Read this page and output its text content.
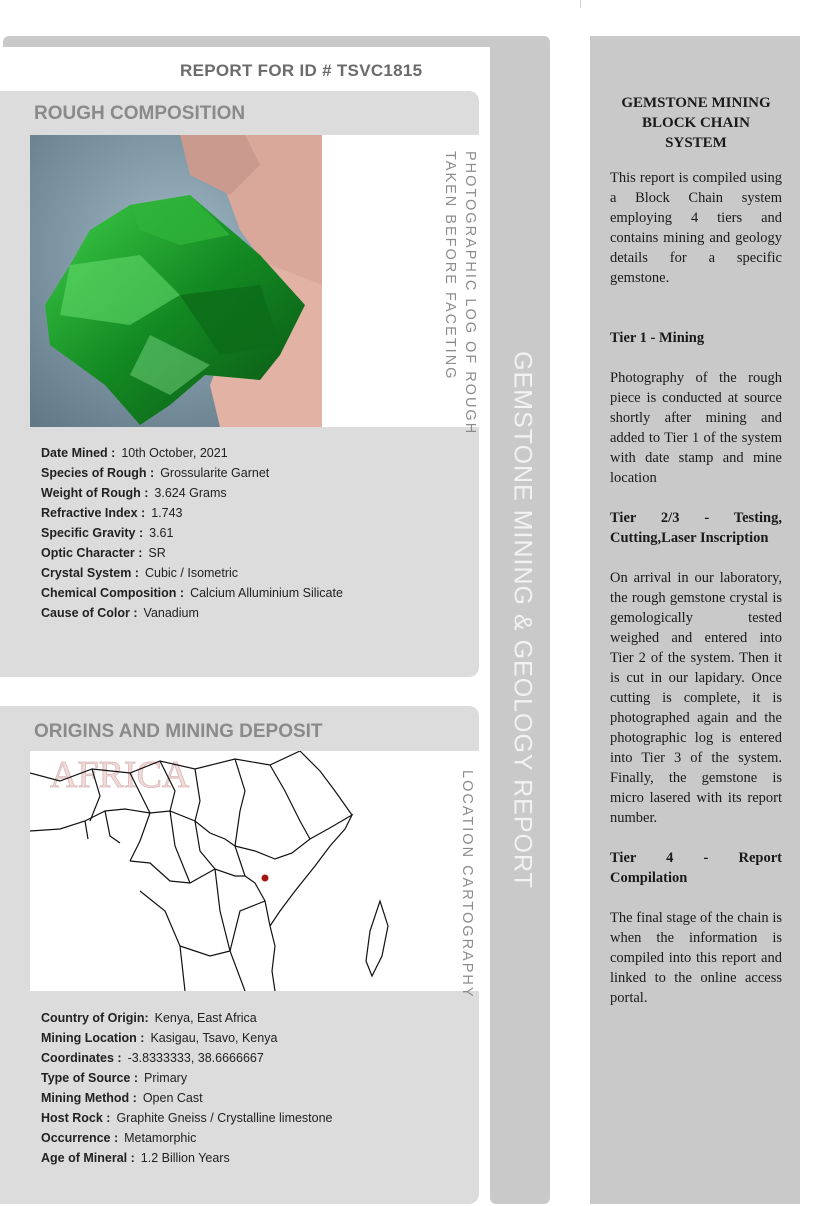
GEMSTONE MINING & GEOLOGY REPORT
REPORT FOR ID # TSVC1815
ROUGH COMPOSITION
PHOTOGRAPHIC LOG OF ROUGH
TAKEN BEFORE FACETING
Date Mined : 10th October, 2021
Species of Rough : Grossularite Garnet
Weight of Rough : 3.624 Grams
Refractive Index : 1.743
Specific Gravity : 3.61
Optic Character : SR
Crystal System : Cubic / Isometric
Chemical Composition : Calcium Alluminium Silicate
Cause of Color : Vanadium
ORIGINS AND MINING DEPOSIT
AFRICA	LOCATION CARTOGRAPHY
Country of Origin: Kenya, East Africa
Mining Location : Kasigau, Tsavo, Kenya
Coordinates : -3.8333333, 38.6666667
Type of Source : Primary
Mining Method : Open Cast
Host Rock : Graphite Gneiss / Crystalline limestone
Occurrence : Metamorphic
Age of Mineral : 1.2 Billion Years
GEMSTONE MINING BLOCK CHAIN SYSTEM
This report is compiled using a Block Chain system employing 4 tiers and contains mining and geology details for a specific gemstone.
Tier 1 - Mining
Photography of the rough piece is conducted at source shortly after mining and added to Tier 1 of the system with date stamp and mine location
Tier 2/3 - Testing, Cutting,Laser Inscription
On arrival in our laboratory, the rough gemstone crystal is gemologically tested weighed and entered into Tier 2 of the system. Then it is cut in our lapidary. Once cutting is complete, it is photographed again and the photographic log is entered into Tier 3 of the system. Finally, the gemstone is micro lasered with its report number.
Tier 4 - Report Compilation
The final stage of the chain is when the information is compiled into this report and linked to the online access portal.
